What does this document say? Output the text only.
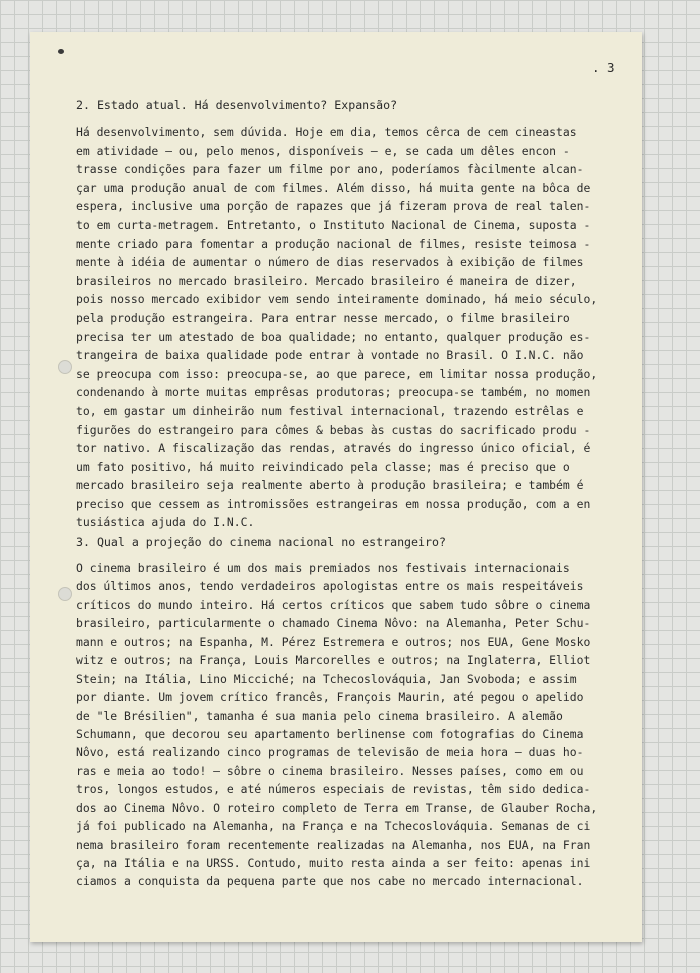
. 3
2. Estado atual. Há desenvolvimento? Expansão?
Há desenvolvimento, sem dúvida. Hoje em dia, temos cêrca de cem cineastas
em atividade — ou, pelo menos, disponíveis — e, se cada um dêles encon -
trasse condições para fazer um filme por ano, poderíamos fàcilmente alcan-
çar uma produção anual de com filmes. Além disso, há muita gente na bôca de
espera, inclusive uma porção de rapazes que já fizeram prova de real talen-
to em curta-metragem. Entretanto, o Instituto Nacional de Cinema, suposta -
mente criado para fomentar a produção nacional de filmes, resiste teimosa -
mente à idéia de aumentar o número de dias reservados à exibição de filmes
brasileiros no mercado brasileiro. Mercado brasileiro é maneira de dizer,
pois nosso mercado exibidor vem sendo inteiramente dominado, há meio século,
pela produção estrangeira. Para entrar nesse mercado, o filme brasileiro
precisa ter um atestado de boa qualidade; no entanto, qualquer produção es-
trangeira de baixa qualidade pode entrar à vontade no Brasil. O I.N.C. não
se preocupa com isso: preocupa-se, ao que parece, em limitar nossa produção,
condenando à morte muitas emprêsas produtoras; preocupa-se também, no momen
to, em gastar um dinheirão num festival internacional, trazendo estrêlas e
figurões do estrangeiro para cômes & bebas às custas do sacrificado produ -
tor nativo. A fiscalização das rendas, através do ingresso único oficial, é
um fato positivo, há muito reivindicado pela classe; mas é preciso que o
mercado brasileiro seja realmente aberto à produção brasileira; e também é
preciso que cessem as intromissões estrangeiras em nossa produção, com a en
tusiástica ajuda do I.N.C.
3. Qual a projeção do cinema nacional no estrangeiro?
O cinema brasileiro é um dos mais premiados nos festivais internacionais
dos últimos anos, tendo verdadeiros apologistas entre os mais respeitáveis
críticos do mundo inteiro. Há certos críticos que sabem tudo sôbre o cinema
brasileiro, particularmente o chamado Cinema Nôvo: na Alemanha, Peter Schu-
mann e outros; na Espanha, M. Pérez Estremera e outros; nos EUA, Gene Mosko
witz e outros; na França, Louis Marcorelles e outros; na Inglaterra, Elliot
Stein; na Itália, Lino Micciché; na Tchecoslováquia, Jan Svoboda; e assim
por diante. Um jovem crítico francês, François Maurin, até pegou o apelido
de "le Brésilien", tamanha é sua mania pelo cinema brasileiro. A alemão
Schumann, que decorou seu apartamento berlinense com fotografias do Cinema
Nôvo, está realizando cinco programas de televisão de meia hora — duas ho-
ras e meia ao todo! — sôbre o cinema brasileiro. Nesses países, como em ou
tros, longos estudos, e até números especiais de revistas, têm sido dedica-
dos ao Cinema Nôvo. O roteiro completo de Terra em Transe, de Glauber Rocha,
já foi publicado na Alemanha, na França e na Tchecoslováquia. Semanas de ci
nema brasileiro foram recentemente realizadas na Alemanha, nos EUA, na Fran
ça, na Itália e na URSS. Contudo, muito resta ainda a ser feito: apenas ini
ciamos a conquista da pequena parte que nos cabe no mercado internacional.
